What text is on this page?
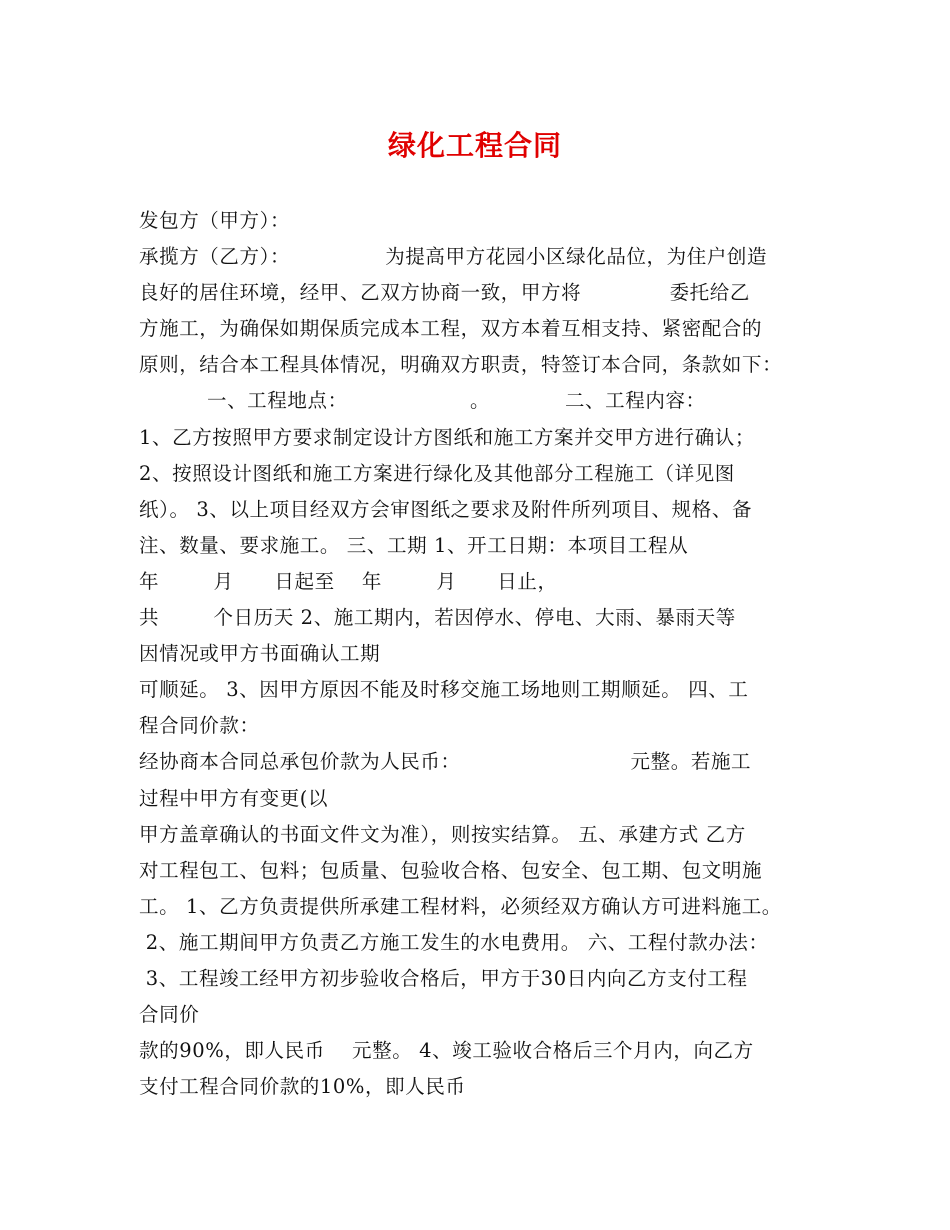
绿化工程合同
发包方（甲方）：
承揽方（乙方）：              为提高甲方花园小区绿化品位，为住户创造
良好的居住环境，经甲、乙双方协商一致，甲方将             委托给乙
方施工，为确保如期保质完成本工程，双方本着互相支持、紧密配合的
原则，结合本工程具体情况，明确双方职责，特签订本合同，条款如下：
一、工程地点：                  。           二、工程内容：
1、乙方按照甲方要求制定设计方图纸和施工方案并交甲方进行确认；
2、按照设计图纸和施工方案进行绿化及其他部分工程施工（详见图
纸）。 3、以上项目经双方会审图纸之要求及附件所列项目、规格、备
注、数量、要求施工。 三、工期 1、开工日期：本项目工程从
年        月      日起至    年        月      日止，
共        个日历天 2、施工期内，若因停水、停电、大雨、暴雨天等
因情况或甲方书面确认工期
可顺延。 3、因甲方原因不能及时移交施工场地则工期顺延。 四、工
程合同价款：
经协商本合同总承包价款为人民币：                         元整。若施工
过程中甲方有变更(以
甲方盖章确认的书面文件文为准），则按实结算。 五、承建方式 乙方
对工程包工、包料；包质量、包验收合格、包安全、包工期、包文明施
工。 1、乙方负责提供所承建工程材料，必须经双方确认方可进料施工。
2、施工期间甲方负责乙方施工发生的水电费用。 六、工程付款办法：
3、工程竣工经甲方初步验收合格后，甲方于30日内向乙方支付工程
合同价
款的90%，即人民币    元整。 4、竣工验收合格后三个月内，向乙方
支付工程合同价款的10%，即人民币
